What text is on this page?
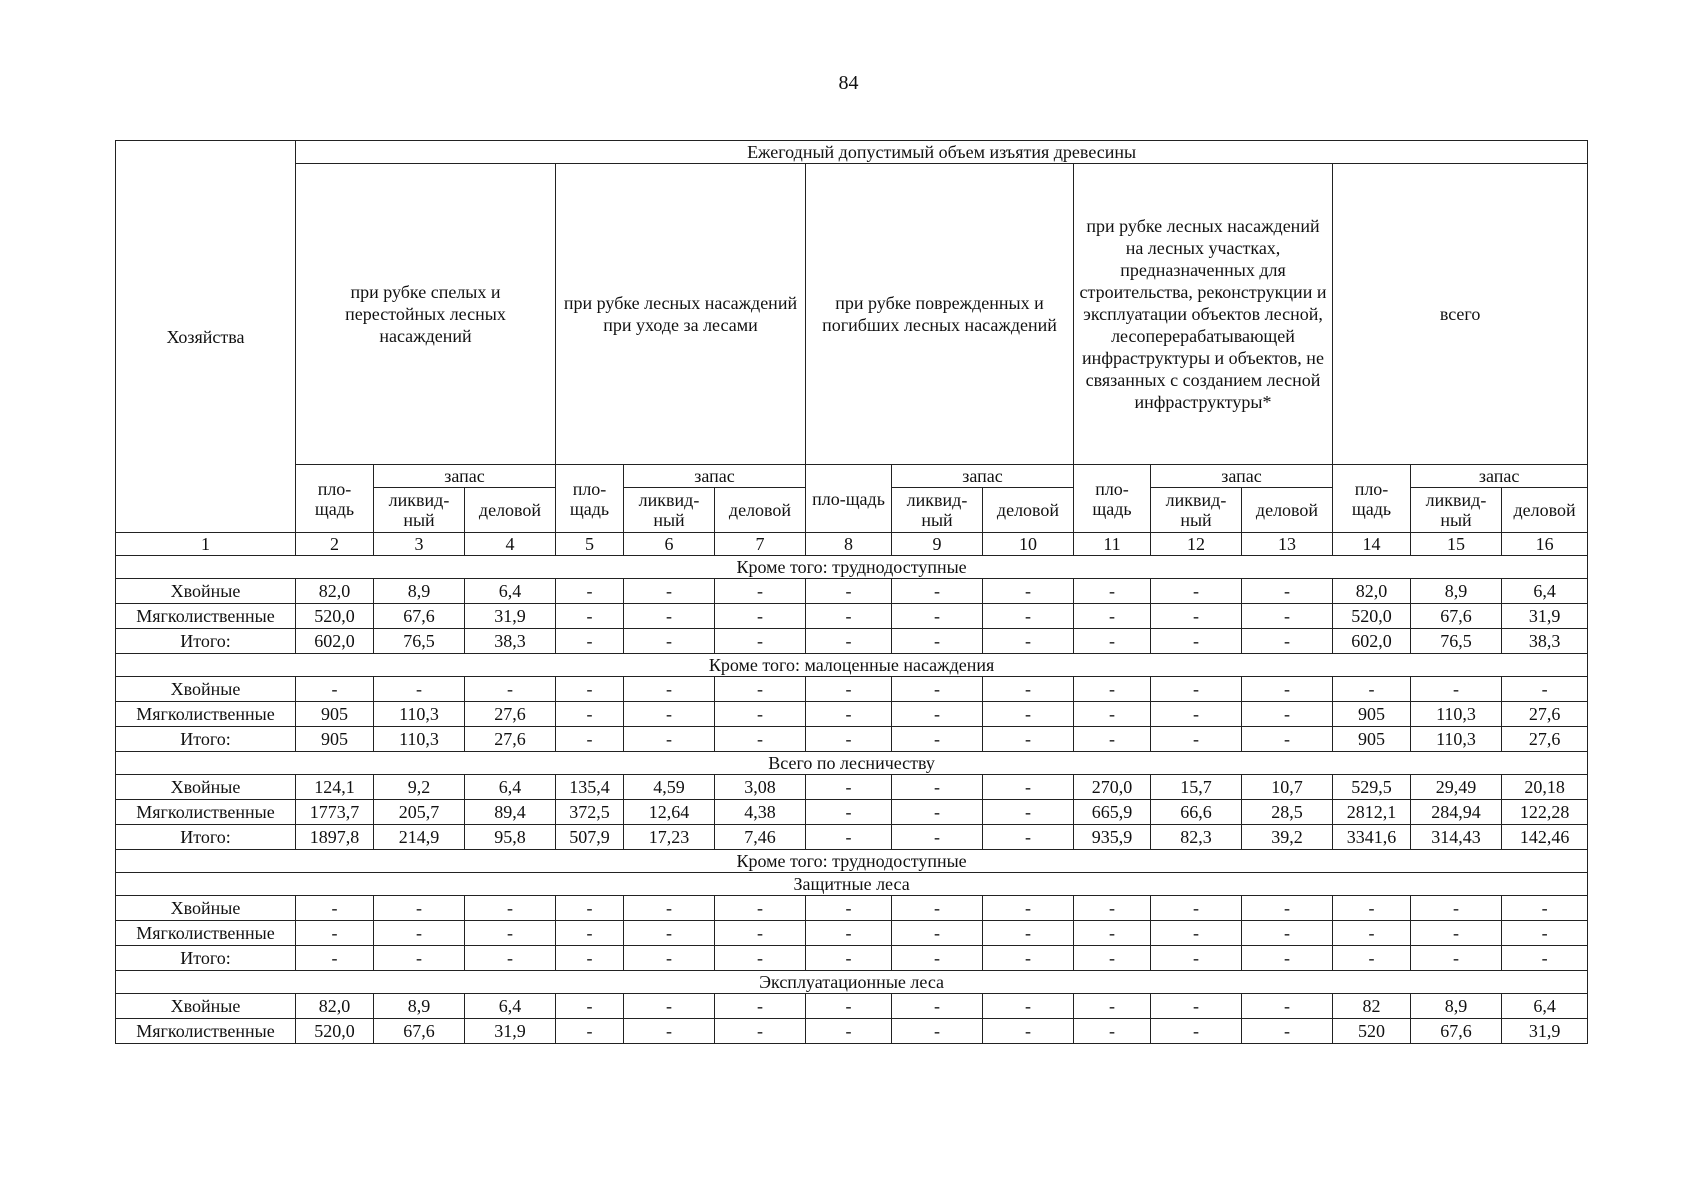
84
Хозяйства	Ежегодный допустимый объем изъятия древесины														
	при рубке спелых и перестойных лесных насаждений			при рубке лесных насаждений при уходе за лесами			при рубке поврежденных и погибших лесных насаждений			при рубке лесных насаждений на лесных участках, предназначенных для строительства, реконструкции и эксплуатации объектов лесной, лесоперерабатывающей инфраструктуры и объектов, не связанных с созданием лесной инфраструктуры*			всего		
	пло-щадь	запас		пло-щадь	запас		пло-щадь	запас		пло-щадь	запас		пло-щадь	запас	
		ликвид-ный	деловой		ликвид-ный	деловой		ликвид-ный	деловой		ликвид-ный	деловой		ликвид-ный	деловой
1	2	3	4	5	6	7	8	9	10	11	12	13	14	15	16
Кроме того: труднодоступные															
Хвойные	82,0	8,9	6,4	-	-	-	-	-	-	-	-	-	82,0	8,9	6,4
Мягколиственные	520,0	67,6	31,9	-	-	-	-	-	-	-	-	-	520,0	67,6	31,9
Итого:	602,0	76,5	38,3	-	-	-	-	-	-	-	-	-	602,0	76,5	38,3
Кроме того: малоценные насаждения															
Хвойные	-	-	-	-	-	-	-	-	-	-	-	-	-	-	-
Мягколиственные	905	110,3	27,6	-	-	-	-	-	-	-	-	-	905	110,3	27,6
Итого:	905	110,3	27,6	-	-	-	-	-	-	-	-	-	905	110,3	27,6
Всего по лесничеству															
Хвойные	124,1	9,2	6,4	135,4	4,59	3,08	-	-	-	270,0	15,7	10,7	529,5	29,49	20,18
Мягколиственные	1773,7	205,7	89,4	372,5	12,64	4,38	-	-	-	665,9	66,6	28,5	2812,1	284,94	122,28
Итого:	1897,8	214,9	95,8	507,9	17,23	7,46	-	-	-	935,9	82,3	39,2	3341,6	314,43	142,46
Кроме того: труднодоступные															
Защитные леса															
Хвойные	-	-	-	-	-	-	-	-	-	-	-	-	-	-	-
Мягколиственные	-	-	-	-	-	-	-	-	-	-	-	-	-	-	-
Итого:	-	-	-	-	-	-	-	-	-	-	-	-	-	-	-
Эксплуатационные леса															
Хвойные	82,0	8,9	6,4	-	-	-	-	-	-	-	-	-	82	8,9	6,4
Мягколиственные	520,0	67,6	31,9	-	-	-	-	-	-	-	-	-	520	67,6	31,9
